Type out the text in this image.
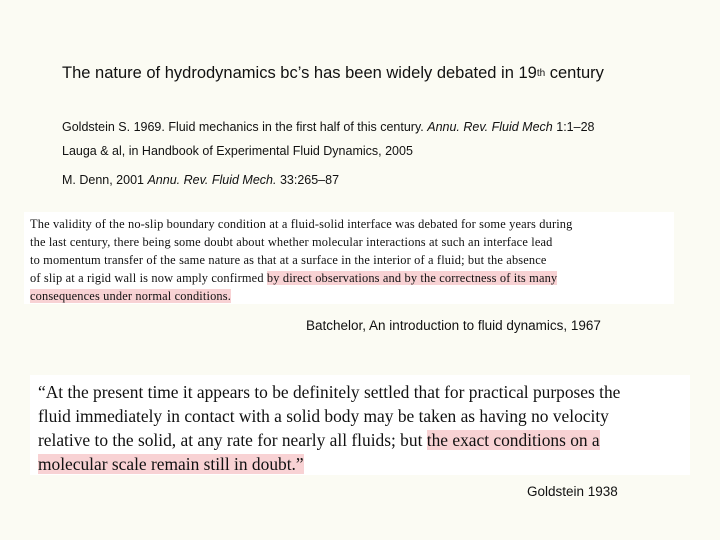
The nature of hydrodynamics bc’s has been widely debated in 19th century
Goldstein S. 1969. Fluid mechanics in the first half of this century. Annu. Rev. Fluid Mech 1:1–28
Lauga & al, in Handbook of Experimental Fluid Dynamics, 2005
M. Denn, 2001 Annu. Rev. Fluid Mech. 33:265–87
The validity of the no-slip boundary condition at a fluid-solid interface was debated for some years during
the last century, there being some doubt about whether molecular interactions at such an interface lead
to momentum transfer of the same nature as that at a surface in the interior of a fluid; but the absence
of slip at a rigid wall is now amply confirmed by direct observations and by the correctness of its many
consequences under normal conditions.
Batchelor, An introduction to fluid dynamics, 1967
“At the present time it appears to be definitely settled that for practical purposes the
fluid immediately in contact with a solid body may be taken as having no velocity
relative to the solid, at any rate for nearly all fluids; but the exact conditions on a
molecular scale remain still in doubt.”
Goldstein 1938
